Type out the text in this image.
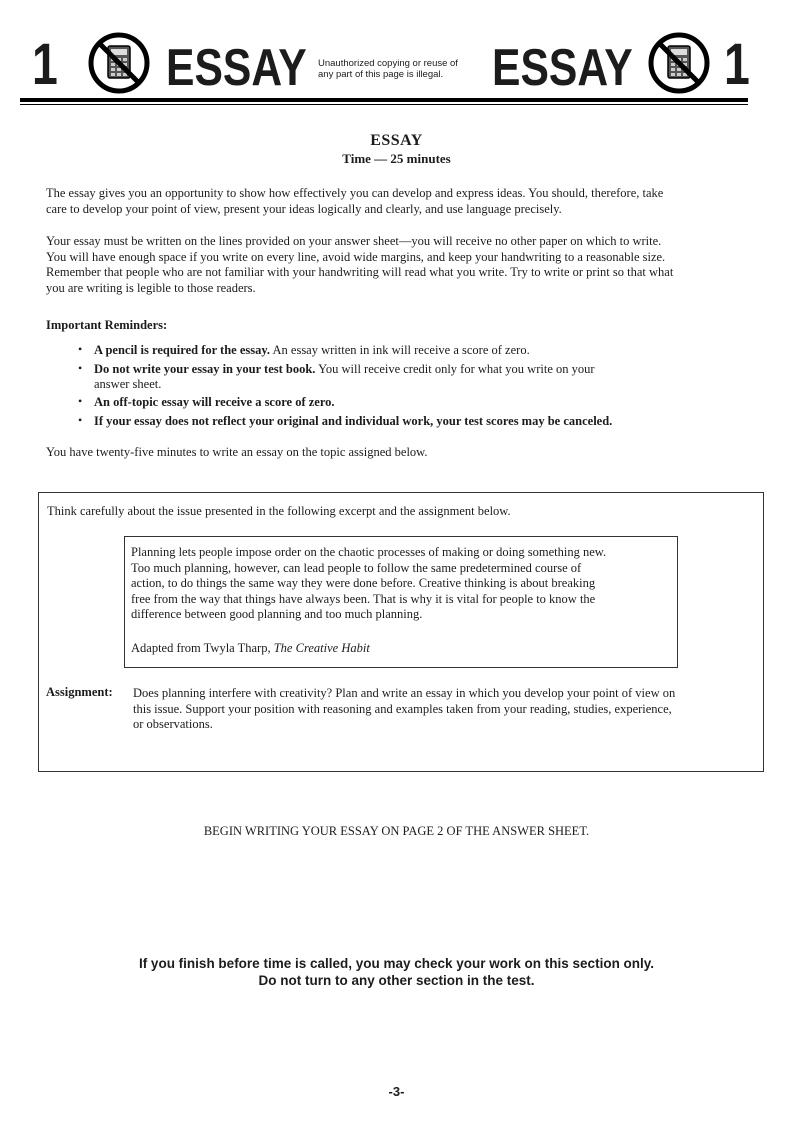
1 ESSAY Unauthorized copying or reuse of
any part of this page is illegal. ESSAY 1
ESSAY
Time — 25 minutes
The essay gives you an opportunity to show how effectively you can develop and express ideas. You should, therefore, take
care to develop your point of view, present your ideas logically and clearly, and use language precisely.
Your essay must be written on the lines provided on your answer sheet—you will receive no other paper on which to write.
You will have enough space if you write on every line, avoid wide margins, and keep your handwriting to a reasonable size.
Remember that people who are not familiar with your handwriting will read what you write. Try to write or print so that what
you are writing is legible to those readers.
Important Reminders:
• A pencil is required for the essay. An essay written in ink will receive a score of zero.
• Do not write your essay in your test book. You will receive credit only for what you write on your
answer sheet.
• An off-topic essay will receive a score of zero.
• If your essay does not reflect your original and individual work, your test scores may be canceled.
You have twenty-five minutes to write an essay on the topic assigned below.
Think carefully about the issue presented in the following excerpt and the assignment below.
Planning lets people impose order on the chaotic processes of making or doing something new.
Too much planning, however, can lead people to follow the same predetermined course of
action, to do things the same way they were done before. Creative thinking is about breaking
free from the way that things have always been. That is why it is vital for people to know the
difference between good planning and too much planning.
Adapted from Twyla Tharp, The Creative Habit
Assignment: Does planning interfere with creativity? Plan and write an essay in which you develop your point of view on
this issue. Support your position with reasoning and examples taken from your reading, studies, experience,
or observations.
BEGIN WRITING YOUR ESSAY ON PAGE 2 OF THE ANSWER SHEET.
If you finish before time is called, you may check your work on this section only.
Do not turn to any other section in the test.
-3-
